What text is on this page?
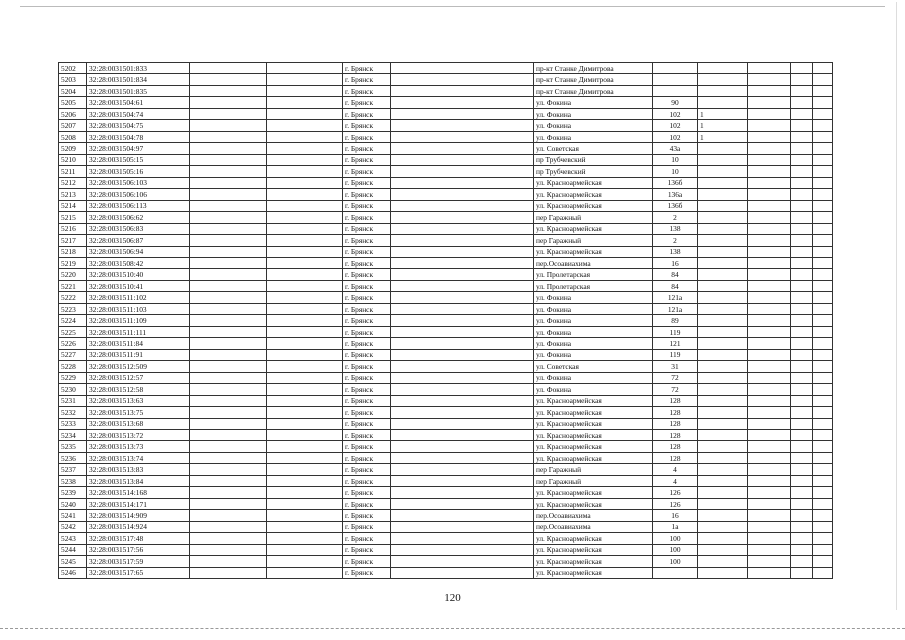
5202	32:28:0031501:833			г. Брянск		пр-кт Станке Димитрова					
5203	32:28:0031501:834			г. Брянск		пр-кт Станке Димитрова					
5204	32:28:0031501:835			г. Брянск		пр-кт Станке Димитрова					
5205	32:28:0031504:61			г. Брянск		ул. Фокина	90				
5206	32:28:0031504:74			г. Брянск		ул. Фокина	102	1			
5207	32:28:0031504:75			г. Брянск		ул. Фокина	102	1			
5208	32:28:0031504:78			г. Брянск		ул. Фокина	102	1			
5209	32:28:0031504:97			г. Брянск		ул. Советская	43а				
5210	32:28:0031505:15			г. Брянск		пр Трубчевский	10				
5211	32:28:0031505:16			г. Брянск		пр Трубчевский	10				
5212	32:28:0031506:103			г. Брянск		ул. Красноармейская	136б				
5213	32:28:0031506:106			г. Брянск		ул. Красноармейская	136а				
5214	32:28:0031506:113			г. Брянск		ул. Красноармейская	136б				
5215	32:28:0031506:62			г. Брянск		пер Гаражный	2				
5216	32:28:0031506:83			г. Брянск		ул. Красноармейская	138				
5217	32:28:0031506:87			г. Брянск		пер Гаражный	2				
5218	32:28:0031506:94			г. Брянск		ул. Красноармейская	138				
5219	32:28:0031508:42			г. Брянск		пер.Осоавиахима	16				
5220	32:28:0031510:40			г. Брянск		ул. Пролетарская	84				
5221	32:28:0031510:41			г. Брянск		ул. Пролетарская	84				
5222	32:28:0031511:102			г. Брянск		ул. Фокина	121а				
5223	32:28:0031511:103			г. Брянск		ул. Фокина	121а				
5224	32:28:0031511:109			г. Брянск		ул. Фокина	89				
5225	32:28:0031511:111			г. Брянск		ул. Фокина	119				
5226	32:28:0031511:84			г. Брянск		ул. Фокина	121				
5227	32:28:0031511:91			г. Брянск		ул. Фокина	119				
5228	32:28:0031512:509			г. Брянск		ул. Советская	31				
5229	32:28:0031512:57			г. Брянск		ул. Фокина	72				
5230	32:28:0031512:58			г. Брянск		ул. Фокина	72				
5231	32:28:0031513:63			г. Брянск		ул. Красноармейская	128				
5232	32:28:0031513:75			г. Брянск		ул. Красноармейская	128				
5233	32:28:0031513:68			г. Брянск		ул. Красноармейская	128				
5234	32:28:0031513:72			г. Брянск		ул. Красноармейская	128				
5235	32:28:0031513:73			г. Брянск		ул. Красноармейская	128				
5236	32:28:0031513:74			г. Брянск		ул. Красноармейская	128				
5237	32:28:0031513:83			г. Брянск		пер Гаражный	4				
5238	32:28:0031513:84			г. Брянск		пер Гаражный	4				
5239	32:28:0031514:168			г. Брянск		ул. Красноармейская	126				
5240	32:28:0031514:171			г. Брянск		ул. Красноармейская	126				
5241	32:28:0031514:909			г. Брянск		пер.Осоавиахима	16				
5242	32:28:0031514:924			г. Брянск		пер.Осоавиахима	1а				
5243	32:28:0031517:48			г. Брянск		ул. Красноармейская	100				
5244	32:28:0031517:56			г. Брянск		ул. Красноармейская	100				
5245	32:28:0031517:59			г. Брянск		ул. Красноармейская	100				
5246	32:28:0031517:65			г. Брянск		ул. Красноармейская					
120
